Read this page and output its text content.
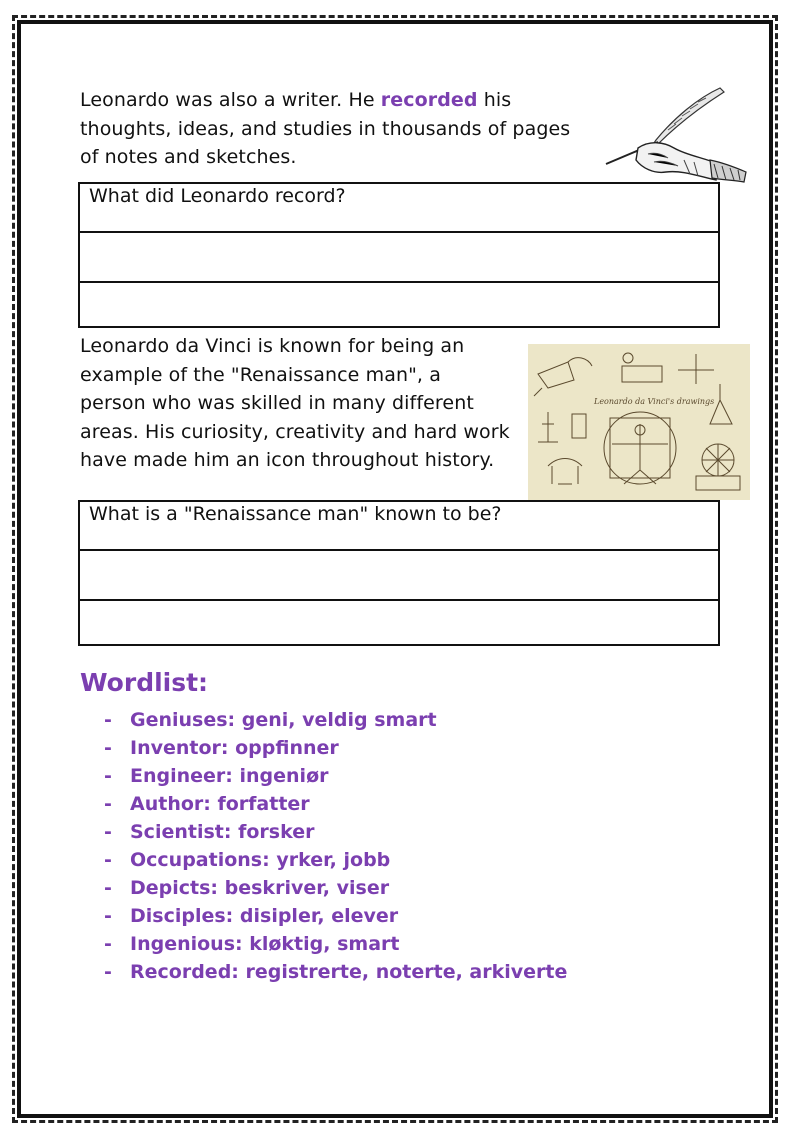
Leonardo was also a writer. He recorded his thoughts, ideas, and studies in thousands of pages of notes and sketches.

What did Leonardo record?

Leonardo da Vinci is known for being an example of the "Renaissance man", a person who was skilled in many different areas. His curiosity, creativity and hard work have made him an icon throughout history.

Leonardo da Vinci's drawings
What is a "Renaissance man" known to be?
Wordlist:
- Geniuses: geni, veldig smart
- Inventor: oppfinner
- Engineer: ingeniør
- Author: forfatter
- Scientist: forsker
- Occupations: yrker, jobb
- Depicts: beskriver, viser
- Disciples: disipler, elever
- Ingenious: kløktig, smart
- Recorded: registrerte, noterte, arkiverte
